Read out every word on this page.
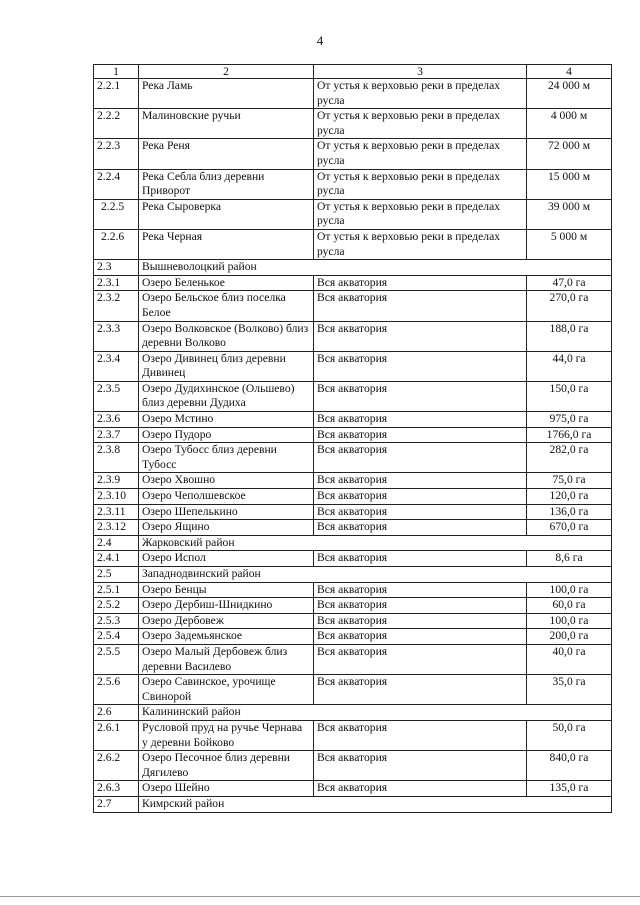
4
1	2	3	4
2.2.1	Река Ламь	От устья к верховью реки в пределах русла	24 000 м
2.2.2	Малиновские ручьи	От устья к верховью реки в пределах русла	4 000 м
2.2.3	Река Реня	От устья к верховью реки в пределах русла	72 000 м
2.2.4	Река Себла близ деревни Приворот	От устья к верховью реки в пределах русла	15 000 м
2.2.5	Река Сыроверка	От устья к верховью реки в пределах русла	39 000 м
2.2.6	Река Черная	От устья к верховью реки в пределах русла	5 000 м
2.3	Вышневолоцкий район		
2.3.1	Озеро Беленькое	Вся акватория	47,0 га
2.3.2	Озеро Бельское близ поселка Белое	Вся акватория	270,0 га
2.3.3	Озеро Волковское (Волково) близ деревни Волково	Вся акватория	188,0 га
2.3.4	Озеро Дивинец близ деревни Дивинец	Вся акватория	44,0 га
2.3.5	Озеро Дудихинское (Ольшево) близ деревни Дудиха	Вся акватория	150,0 га
2.3.6	Озеро Мстино	Вся акватория	975,0 га
2.3.7	Озеро Пудоро	Вся акватория	1766,0 га
2.3.8	Озеро Тубосс близ деревни Тубосс	Вся акватория	282,0 га
2.3.9	Озеро Хвошно	Вся акватория	75,0 га
2.3.10	Озеро Чеполшевское	Вся акватория	120,0 га
2.3.11	Озеро Шепелькино	Вся акватория	136,0 га
2.3.12	Озеро Ящино	Вся акватория	670,0 га
2.4	Жарковский район		
2.4.1	Озеро Испол	Вся акватория	8,6 га
2.5	Западнодвинский район		
2.5.1	Озеро Бенцы	Вся акватория	100,0 га
2.5.2	Озеро Дербиш-Шнидкино	Вся акватория	60,0 га
2.5.3	Озеро Дербовеж	Вся акватория	100,0 га
2.5.4	Озеро Задемьянское	Вся акватория	200,0 га
2.5.5	Озеро Малый Дербовеж близ деревни Василево	Вся акватория	40,0 га
2.5.6	Озеро Савинское, урочище Свинорой	Вся акватория	35,0 га
2.6	Калининский район		
2.6.1	Русловой пруд на ручье Чернава у деревни Бойково	Вся акватория	50,0 га
2.6.2	Озеро Песочное близ деревни Дягилево	Вся акватория	840,0 га
2.6.3	Озеро Шейно	Вся акватория	135,0 га
2.7	Кимрский район		
